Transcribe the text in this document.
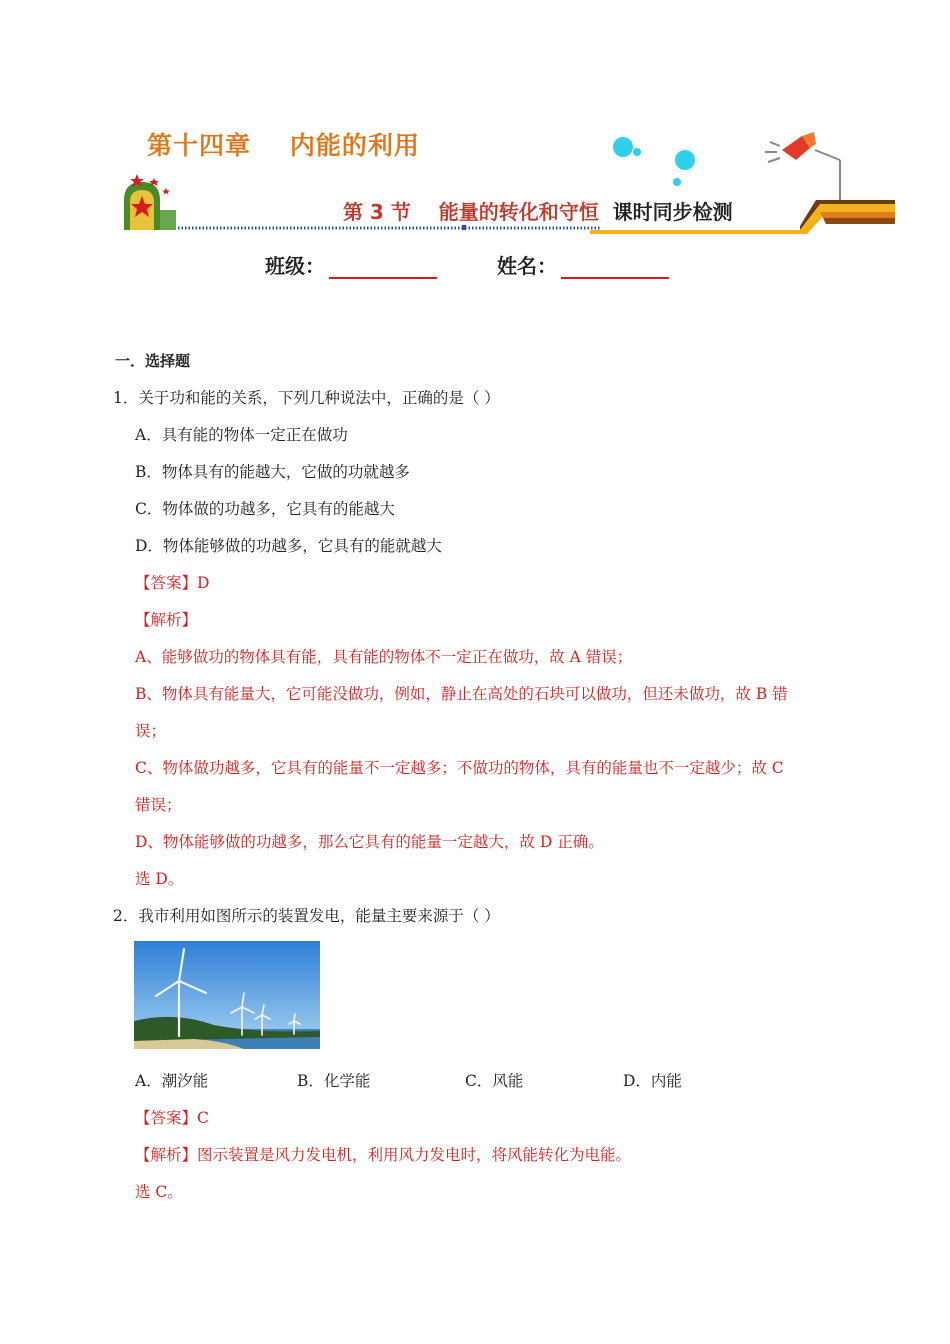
第十四章    内能的利用
第 3 节    能量的转化和守恒 课时同步检测
班级：	姓名：
一．选择题
1．关于功和能的关系，下列几种说法中，正确的是（ ）
A．具有能的物体一定正在做功
B．物体具有的能越大，它做的功就越多
C．物体做的功越多，它具有的能越大
D．物体能够做的功越多，它具有的能就越大
【答案】D
【解析】
A、能够做功的物体具有能，具有能的物体不一定正在做功，故 A 错误；
B、物体具有能量大，它可能没做功，例如，静止在高处的石块可以做功，但还未做功，故 B 错
误；
C、物体做功越多，它具有的能量不一定越多；不做功的物体，具有的能量也不一定越少；故 C
错误；
D、物体能够做的功越多，那么它具有的能量一定越大，故 D 正确。
选 D。
2．我市利用如图所示的装置发电，能量主要来源于（ ）
A．潮汐能	B．化学能	C．风能	D．内能
【答案】C
【解析】图示装置是风力发电机，利用风力发电时，将风能转化为电能。
选 C。
